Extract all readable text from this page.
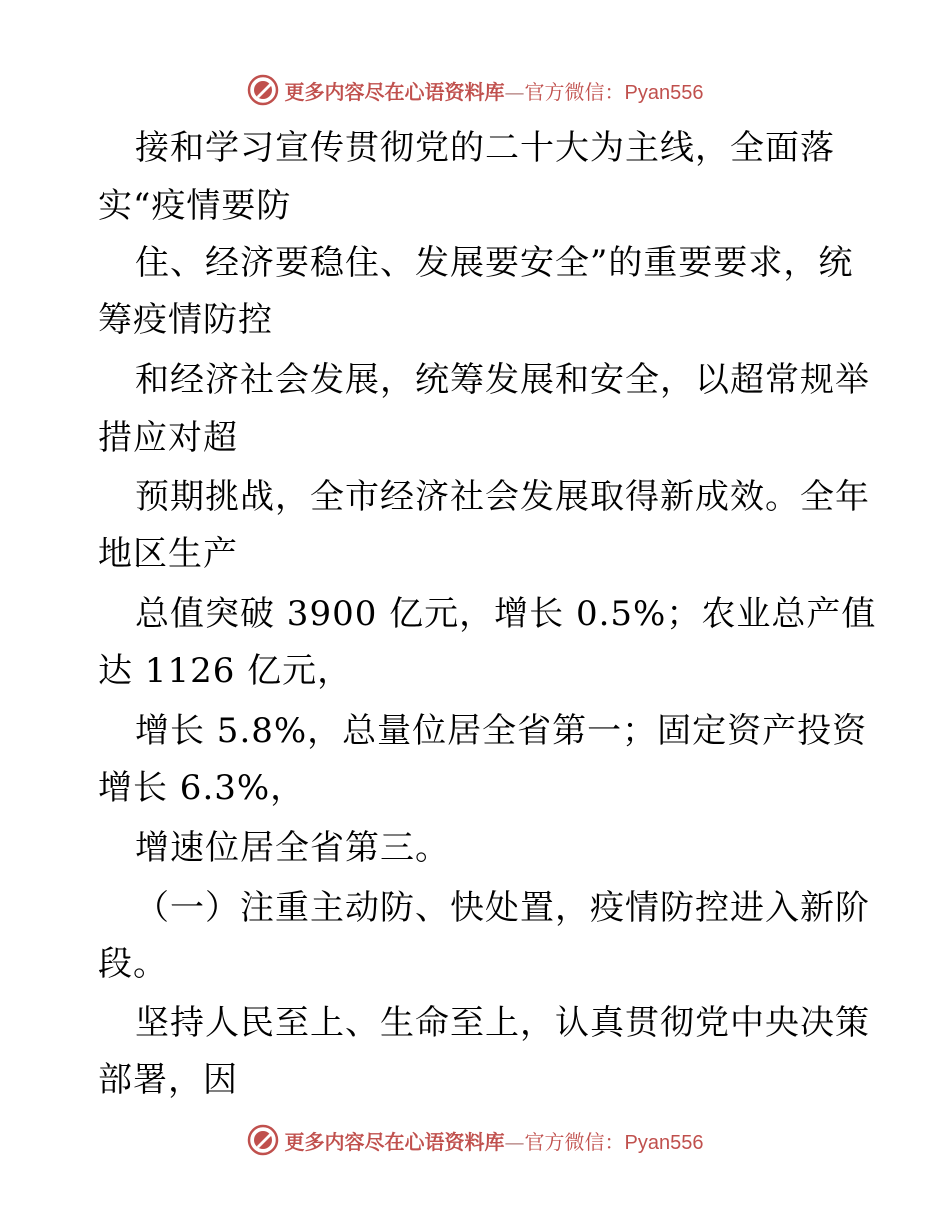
更多内容尽在心语资料库—官方微信：Pyan556
接和学习宣传贯彻党的二十大为主线，全面落
实“疫情要防
住、经济要稳住、发展要安全”的重要要求，统
筹疫情防控
和经济社会发展，统筹发展和安全，以超常规举
措应对超
预期挑战，全市经济社会发展取得新成效。全年
地区生产
总值突破 3900 亿元，增长 0.5%；农业总产值
达 1126 亿元，
增长 5.8%，总量位居全省第一；固定资产投资
增长 6.3%，
增速位居全省第三。
（一）注重主动防、快处置，疫情防控进入新阶
段。
坚持人民至上、生命至上，认真贯彻党中央决策
部署，因
更多内容尽在心语资料库—官方微信：Pyan556
